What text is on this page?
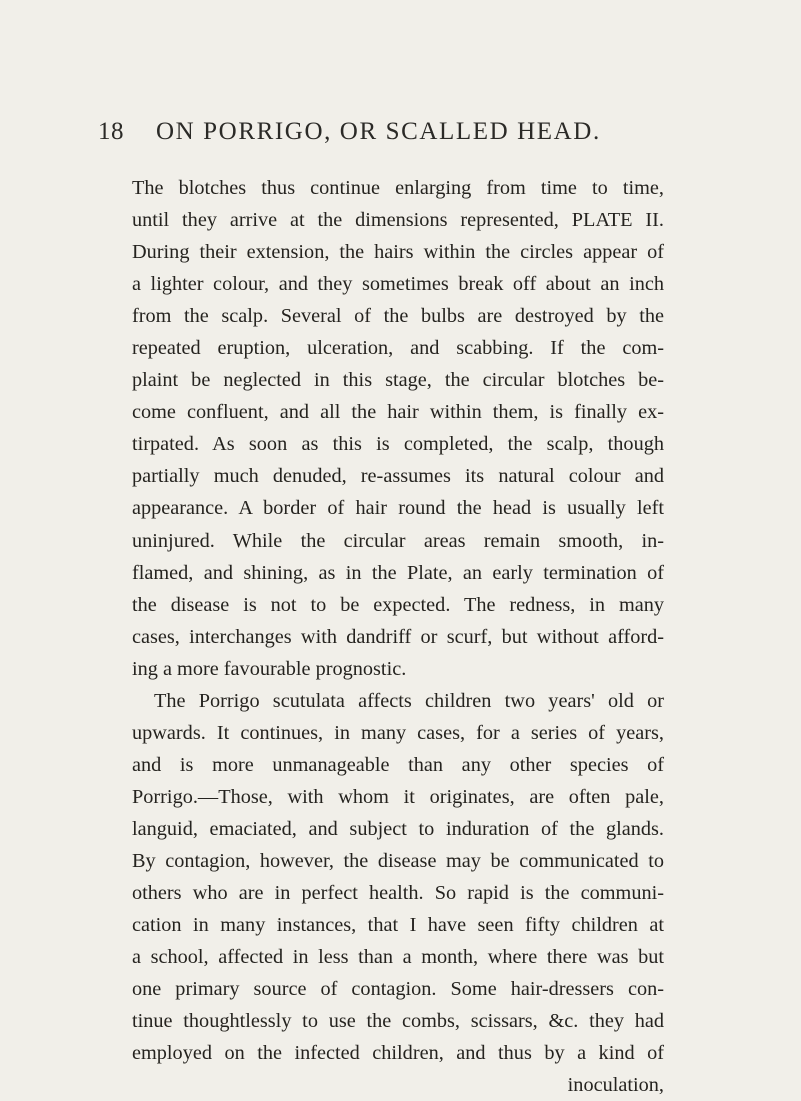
18 ON PORRIGO, OR SCALLED HEAD.
The blotches thus continue enlarging from time to time,
until they arrive at the dimensions represented, PLATE II.
During their extension, the hairs within the circles appear of
a lighter colour, and they sometimes break off about an inch
from the scalp. Several of the bulbs are destroyed by the
repeated eruption, ulceration, and scabbing. If the com-
plaint be neglected in this stage, the circular blotches be-
come confluent, and all the hair within them, is finally ex-
tirpated. As soon as this is completed, the scalp, though
partially much denuded, re-assumes its natural colour and
appearance. A border of hair round the head is usually left
uninjured. While the circular areas remain smooth, in-
flamed, and shining, as in the Plate, an early termination of
the disease is not to be expected. The redness, in many
cases, interchanges with dandriff or scurf, but without afford-
ing a more favourable prognostic.
The Porrigo scutulata affects children two years' old or
upwards. It continues, in many cases, for a series of years,
and is more unmanageable than any other species of
Porrigo.—Those, with whom it originates, are often pale,
languid, emaciated, and subject to induration of the glands.
By contagion, however, the disease may be communicated to
others who are in perfect health. So rapid is the communi-
cation in many instances, that I have seen fifty children at
a school, affected in less than a month, where there was but
one primary source of contagion. Some hair-dressers con-
tinue thoughtlessly to use the combs, scissars, &c. they had
employed on the infected children, and thus by a kind of
inoculation,
